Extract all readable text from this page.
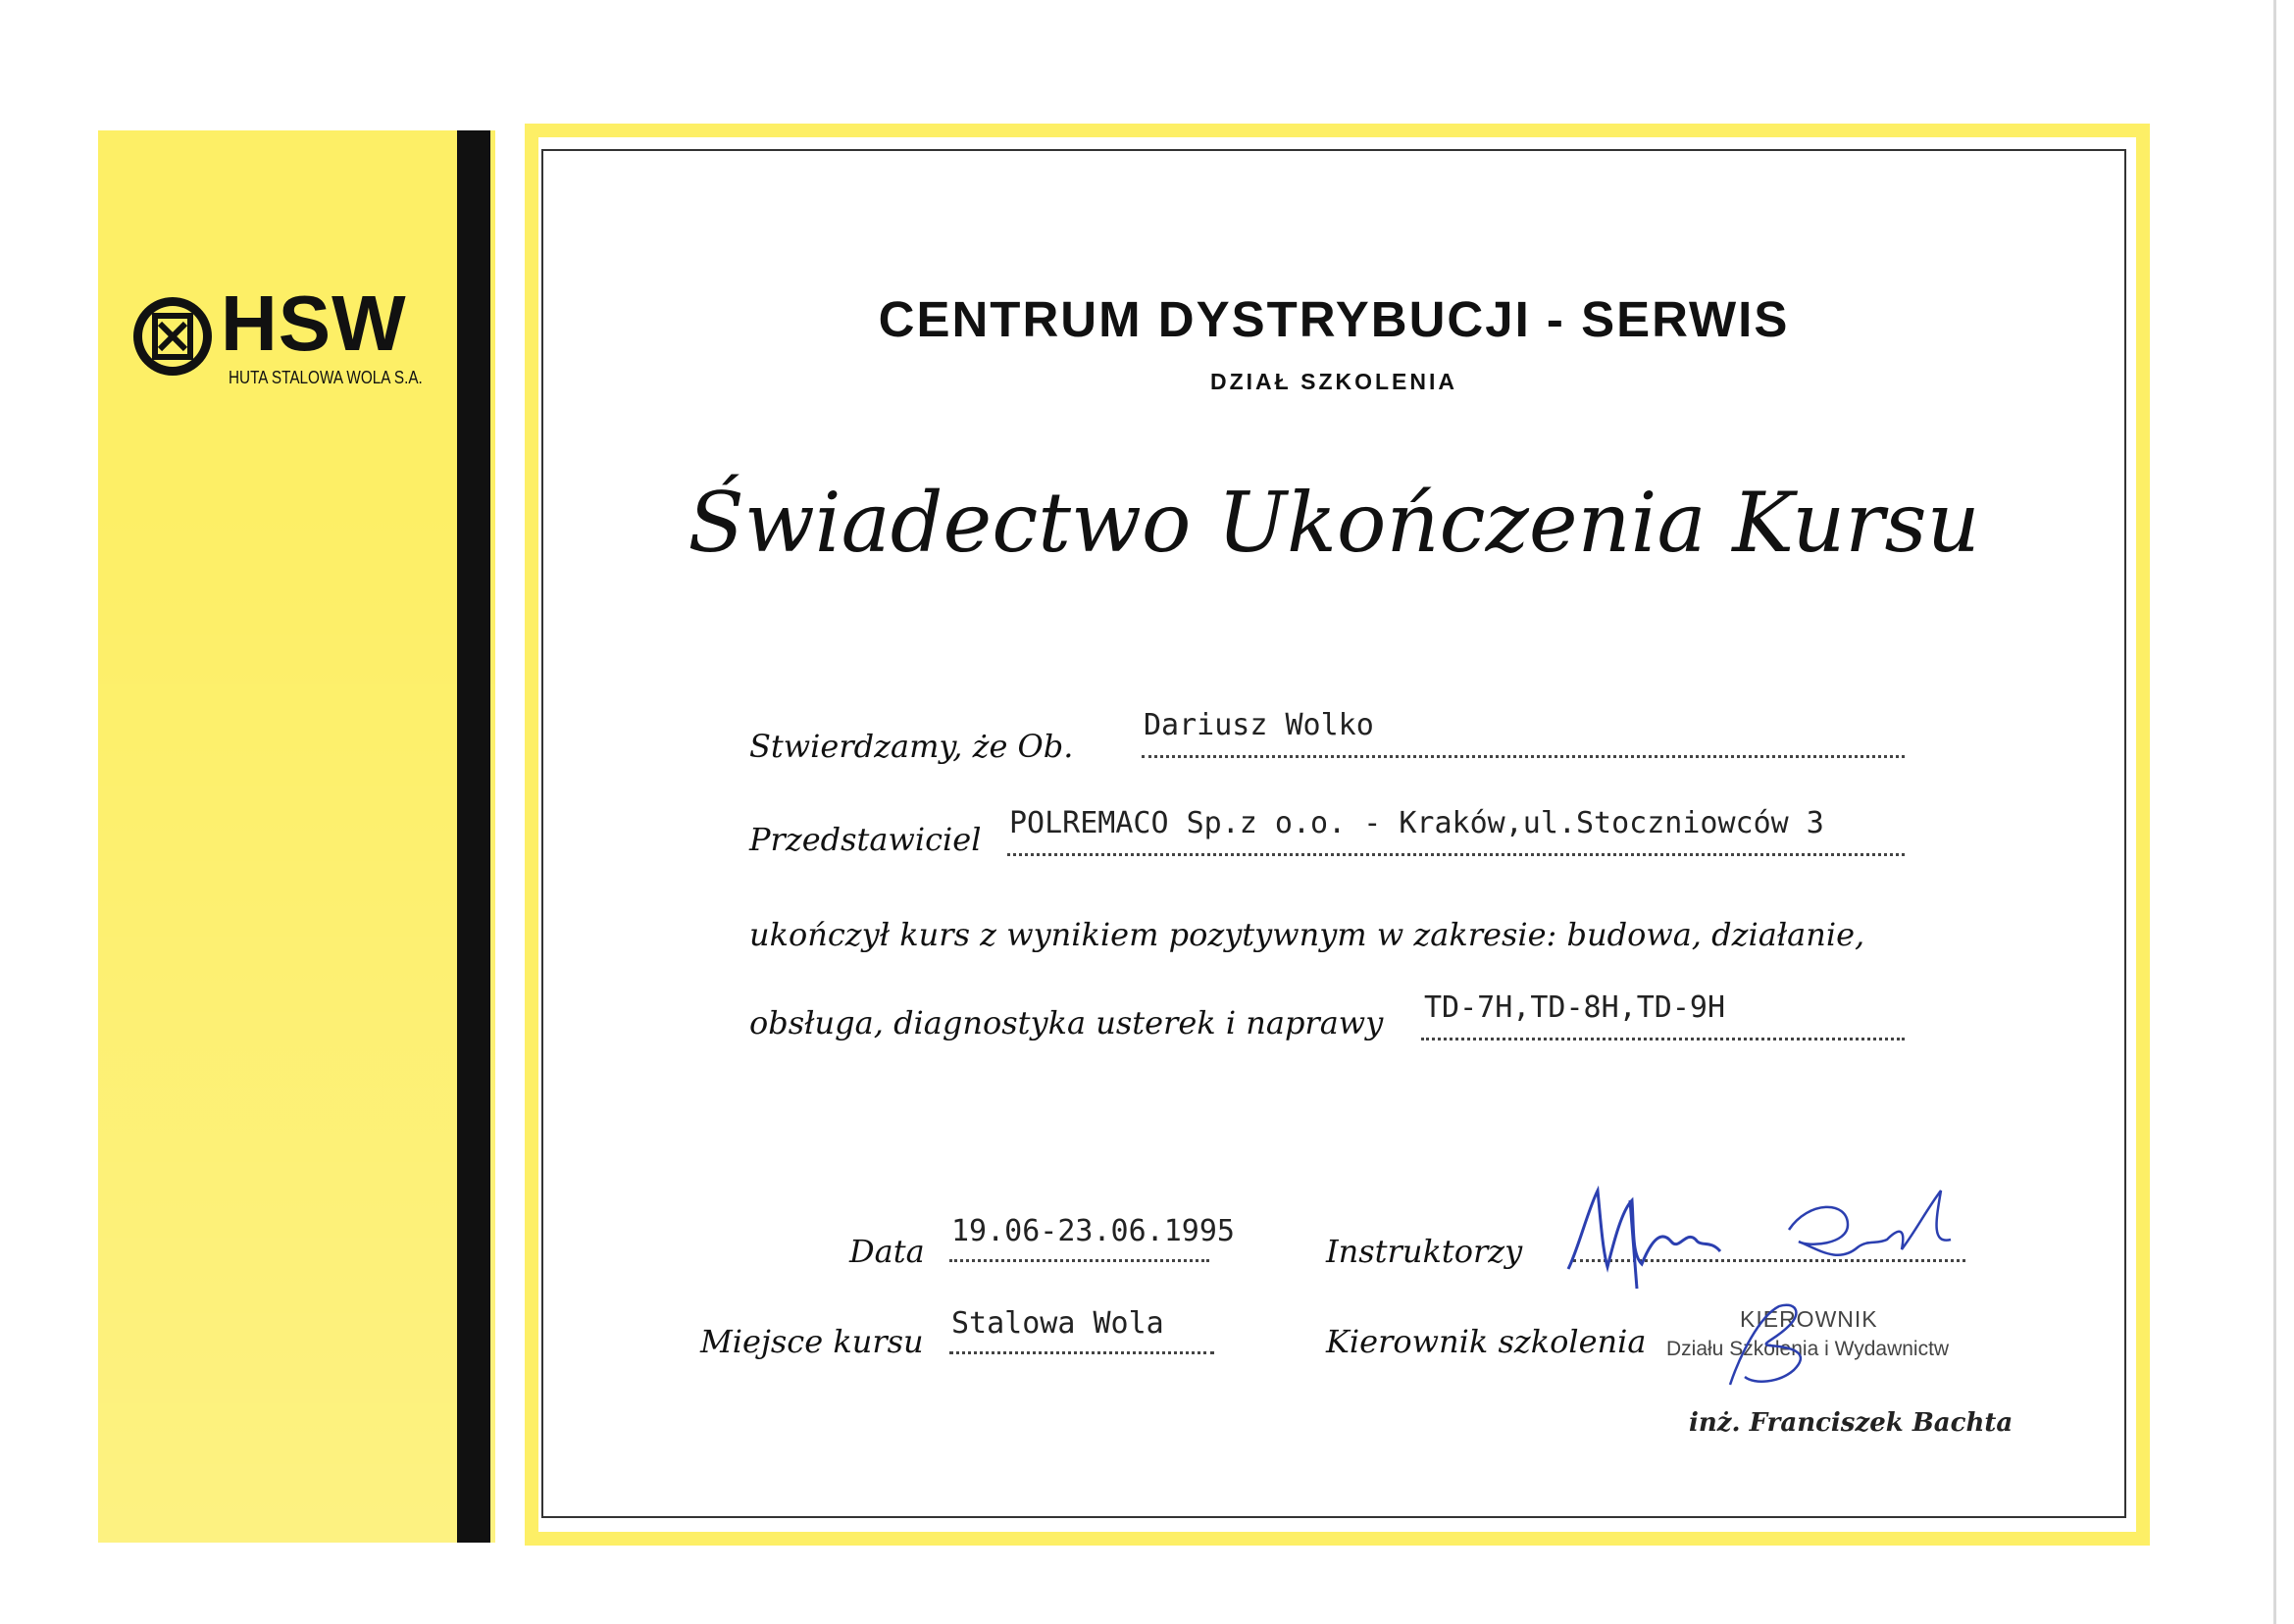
HSW
HUTA STALOWA WOLA S.A.
CENTRUM DYSTRYBUCJI - SERWIS
DZIAŁ SZKOLENIA
Świadectwo Ukończenia Kursu
Stwierdzamy, że Ob.
Dariusz Wolko
Przedstawiciel POLREMACO Sp.z o.o. - Kraków,ul.Stoczniowców 3
ukończył kurs z wynikiem pozytywnym w zakresie: budowa, działanie,
obsługa, diagnostyka usterek i naprawy TD-7H,TD-8H,TD-9H
Data
19.06-23.06.1995
Miejsce kursu Stalowa Wola
Instruktorzy
Kierownik szkolenia
KIEROWNIK
Działu Szkolenia i Wydawnictw
inż. Franciszek Bachta
